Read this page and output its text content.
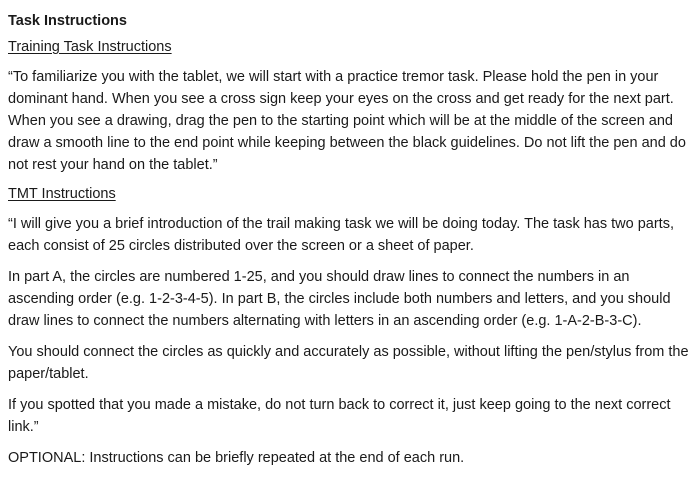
Task Instructions
Training Task Instructions

“To familiarize you with the tablet, we will start with a practice tremor task. Please hold the pen in your dominant hand. When you see a cross sign keep your eyes on the cross and get ready for the next part. When you see a drawing, drag the pen to the starting point which will be at the middle of the screen and draw a smooth line to the end point while keeping between the black guidelines. Do not lift the pen and do not rest your hand on the tablet.”

TMT Instructions

“I will give you a brief introduction of the trail making task we will be doing today. The task has two parts, each consist of 25 circles distributed over the screen or a sheet of paper.

In part A, the circles are numbered 1-25, and you should draw lines to connect the numbers in an ascending order (e.g. 1-2-3-4-5). In part B, the circles include both numbers and letters, and you should draw lines to connect the numbers alternating with letters in an ascending order (e.g. 1-A-2-B-3-C).

You should connect the circles as quickly and accurately as possible, without lifting the pen/stylus from the paper/tablet.

If you spotted that you made a mistake, do not turn back to correct it, just keep going to the next correct link.”

OPTIONAL: Instructions can be briefly repeated at the end of each run.
